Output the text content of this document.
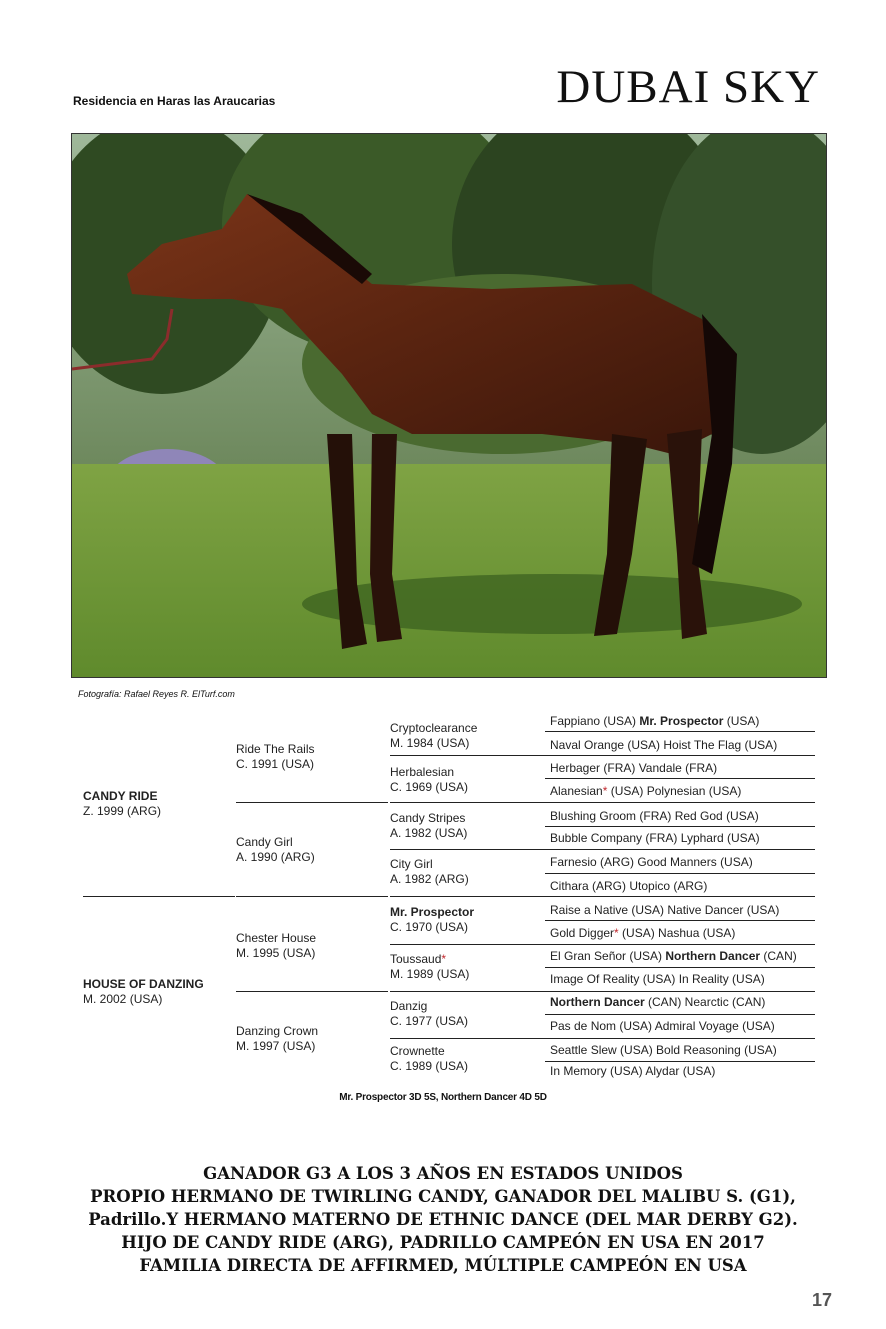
Residencia en Haras las Araucarias	DUBAI SKY
Fotografía: Rafael Reyes R. ElTurf.com
CANDY RIDE
Z. 1999 (ARG)
HOUSE OF DANZING
M. 2002 (USA)
Ride The Rails
C. 1991 (USA)
Candy Girl
A. 1990 (ARG)
Chester House
M. 1995 (USA)
Danzing Crown
M. 1997 (USA)
Cryptoclearance
M. 1984 (USA)
Herbalesian
C. 1969 (USA)
Candy Stripes
A. 1982 (USA)
City Girl
A. 1982 (ARG)
Mr. Prospector
C. 1970 (USA)
Toussaud*
M. 1989 (USA)
Danzig
C. 1977 (USA)
Crownette
C. 1989 (USA)
Fappiano (USA) Mr. Prospector (USA)
Naval Orange (USA) Hoist The Flag (USA)
Herbager (FRA) Vandale (FRA)
Alanesian* (USA) Polynesian (USA)
Blushing Groom (FRA) Red God (USA)
Bubble Company (FRA) Lyphard (USA)
Farnesio (ARG) Good Manners (USA)
Cithara (ARG) Utopico (ARG)
Raise a Native (USA) Native Dancer (USA)
Gold Digger* (USA) Nashua (USA)
El Gran Señor (USA) Northern Dancer (CAN)
Image Of Reality (USA) In Reality (USA)
Northern Dancer (CAN) Nearctic (CAN)
Pas de Nom (USA) Admiral Voyage (USA)
Seattle Slew (USA) Bold Reasoning (USA)
In Memory (USA) Alydar (USA)
Mr. Prospector 3D 5S, Northern Dancer 4D 5D
GANADOR G3 A LOS 3 AÑOS EN ESTADOS UNIDOS
PROPIO HERMANO DE TWIRLING CANDY, GANADOR DEL MALIBU S. (G1),
Padrillo.Y HERMANO MATERNO DE ETHNIC DANCE (DEL MAR DERBY G2).
HIJO DE CANDY RIDE (ARG), PADRILLO CAMPEÓN EN USA EN 2017
FAMILIA DIRECTA DE AFFIRMED, MÚLTIPLE CAMPEÓN EN USA
17
